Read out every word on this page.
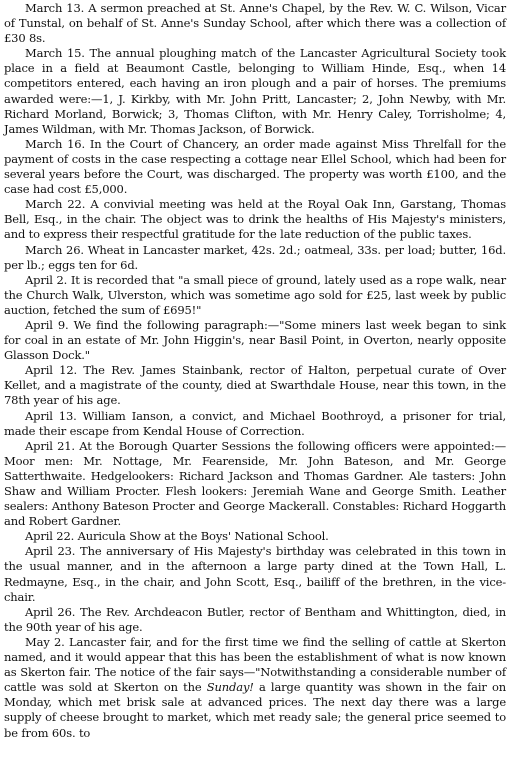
March 13. A sermon preached at St. Anne's Chapel, by the Rev. W. C. Wilson, Vicar of Tunstal, on behalf of St. Anne's Sunday School, after which there was a collection of £30 8s.

March 15. The annual ploughing match of the Lancaster Agricultural Society took place in a field at Beaumont Castle, belonging to William Hinde, Esq., when 14 competitors entered, each having an iron plough and a pair of horses. The premiums awarded were:—1, J. Kirkby, with Mr. John Pritt, Lancaster; 2, John Newby, with Mr. Richard Morland, Borwick; 3, Thomas Clifton, with Mr. Henry Caley, Torrisholme; 4, James Wildman, with Mr. Thomas Jackson, of Borwick.

March 16. In the Court of Chancery, an order made against Miss Threlfall for the payment of costs in the case respecting a cottage near Ellel School, which had been for several years before the Court, was discharged. The property was worth £100, and the case had cost £5,000.

March 22. A convivial meeting was held at the Royal Oak Inn, Garstang, Thomas Bell, Esq., in the chair. The object was to drink the healths of His Majesty's ministers, and to express their respectful gratitude for the late reduction of the public taxes.

March 26. Wheat in Lancaster market, 42s. 2d.; oatmeal, 33s. per load; butter, 16d. per lb.; eggs ten for 6d.

April 2. It is recorded that "a small piece of ground, lately used as a rope walk, near the Church Walk, Ulverston, which was sometime ago sold for £25, last week by public auction, fetched the sum of £695!"

April 9. We find the following paragraph:—"Some miners last week began to sink for coal in an estate of Mr. John Higgin's, near Basil Point, in Overton, nearly opposite Glasson Dock."

April 12. The Rev. James Stainbank, rector of Halton, perpetual curate of Over Kellet, and a magistrate of the county, died at Swarthdale House, near this town, in the 78th year of his age.

April 13. William Ianson, a convict, and Michael Boothroyd, a prisoner for trial, made their escape from Kendal House of Correction.

April 21. At the Borough Quarter Sessions the following officers were appointed:—Moor men: Mr. Nottage, Mr. Fearenside, Mr. John Bateson, and Mr. George Satterthwaite. Hedgelookers: Richard Jackson and Thomas Gardner. Ale tasters: John Shaw and William Procter. Flesh lookers: Jeremiah Wane and George Smith. Leather sealers: Anthony Bateson Procter and George Mackerall. Constables: Richard Hoggarth and Robert Gardner.

April 22. Auricula Show at the Boys' National School.

April 23. The anniversary of His Majesty's birthday was celebrated in this town in the usual manner, and in the afternoon a large party dined at the Town Hall, L. Redmayne, Esq., in the chair, and John Scott, Esq., bailiff of the brethren, in the vice-chair.

April 26. The Rev. Archdeacon Butler, rector of Bentham and Whittington, died, in the 90th year of his age.

May 2. Lancaster fair, and for the first time we find the selling of cattle at Skerton named, and it would appear that this has been the establishment of what is now known as Skerton fair. The notice of the fair says—"Notwithstanding a considerable number of cattle was sold at Skerton on the Sunday! a large quantity was shown in the fair on Monday, which met brisk sale at advanced prices. The next day there was a large supply of cheese brought to market, which met ready sale; the general price seemed to be from 60s. to
